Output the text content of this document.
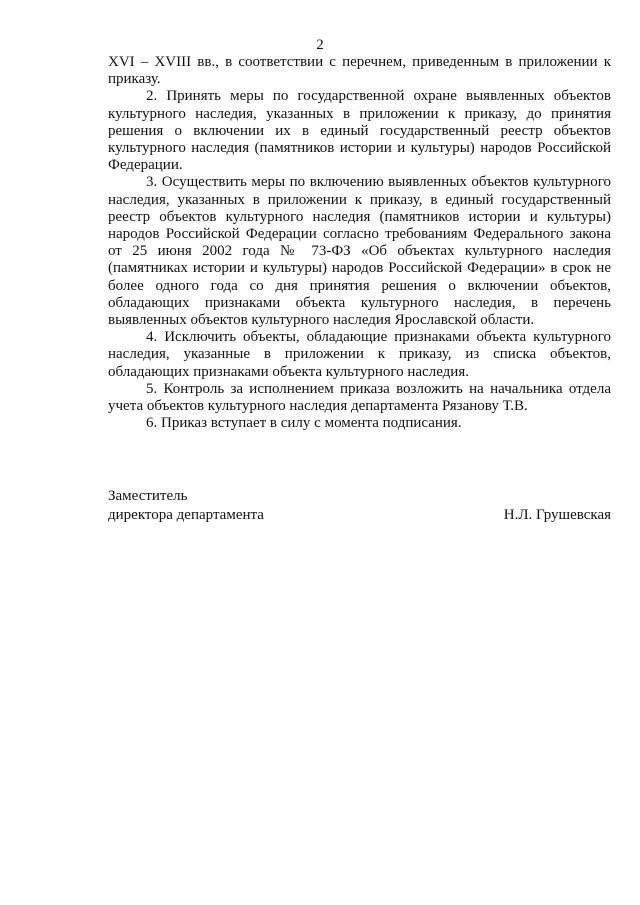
2

XVI – XVIII вв., в соответствии с перечнем, приведенным в приложении к приказу.

2. Принять меры по государственной охране выявленных объектов культурного наследия, указанных в приложении к приказу, до принятия решения о включении их в единый государственный реестр объектов культурного наследия (памятников истории и культуры) народов Российской Федерации.

3. Осуществить меры по включению выявленных объектов культурного наследия, указанных в приложении к приказу, в единый государственный реестр объектов культурного наследия (памятников истории и культуры) народов Российской Федерации согласно требованиям Федерального закона от 25 июня 2002 года № 73-ФЗ «Об объектах культурного наследия (памятниках истории и культуры) народов Российской Федерации» в срок не более одного года со дня принятия решения о включении объектов, обладающих признаками объекта культурного наследия, в перечень выявленных объектов культурного наследия Ярославской области.

4. Исключить объекты, обладающие признаками объекта культурного наследия, указанные в приложении к приказу, из списка объектов, обладающих признаками объекта культурного наследия.

5. Контроль за исполнением приказа возложить на начальника отдела учета объектов культурного наследия департамента Рязанову Т.В.

6. Приказ вступает в силу с момента подписания.

Заместитель
директора департамента	Н.Л. Грушевская
